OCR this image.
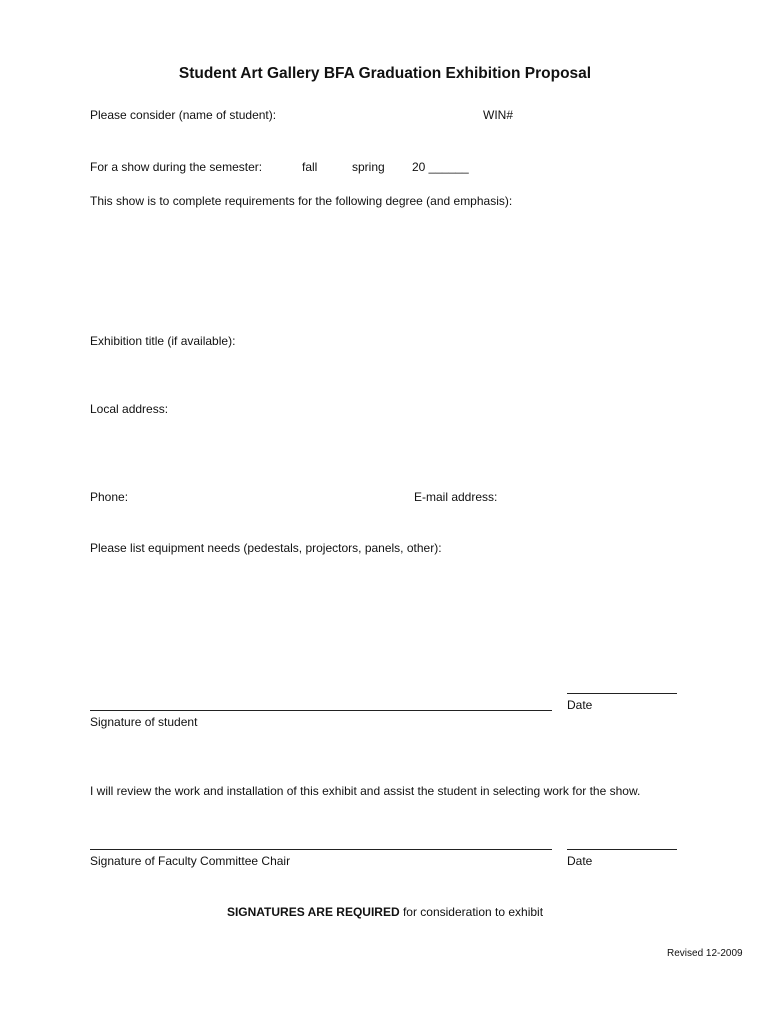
Student Art Gallery BFA Graduation Exhibition Proposal
Please consider (name of student):	WIN#
For a show during the semester:	fall	spring 20 ______
This show is to complete requirements for the following degree (and emphasis):
Exhibition title (if available):
Local address:
Phone:	E-mail address:
Please list equipment needs (pedestals, projectors, panels, other):
Date
Signature of student
I will review the work and installation of this exhibit and assist the student in selecting work for the show.
Signature of Faculty Committee Chair	Date
SIGNATURES ARE REQUIRED for consideration to exhibit
Revised 12-2009
